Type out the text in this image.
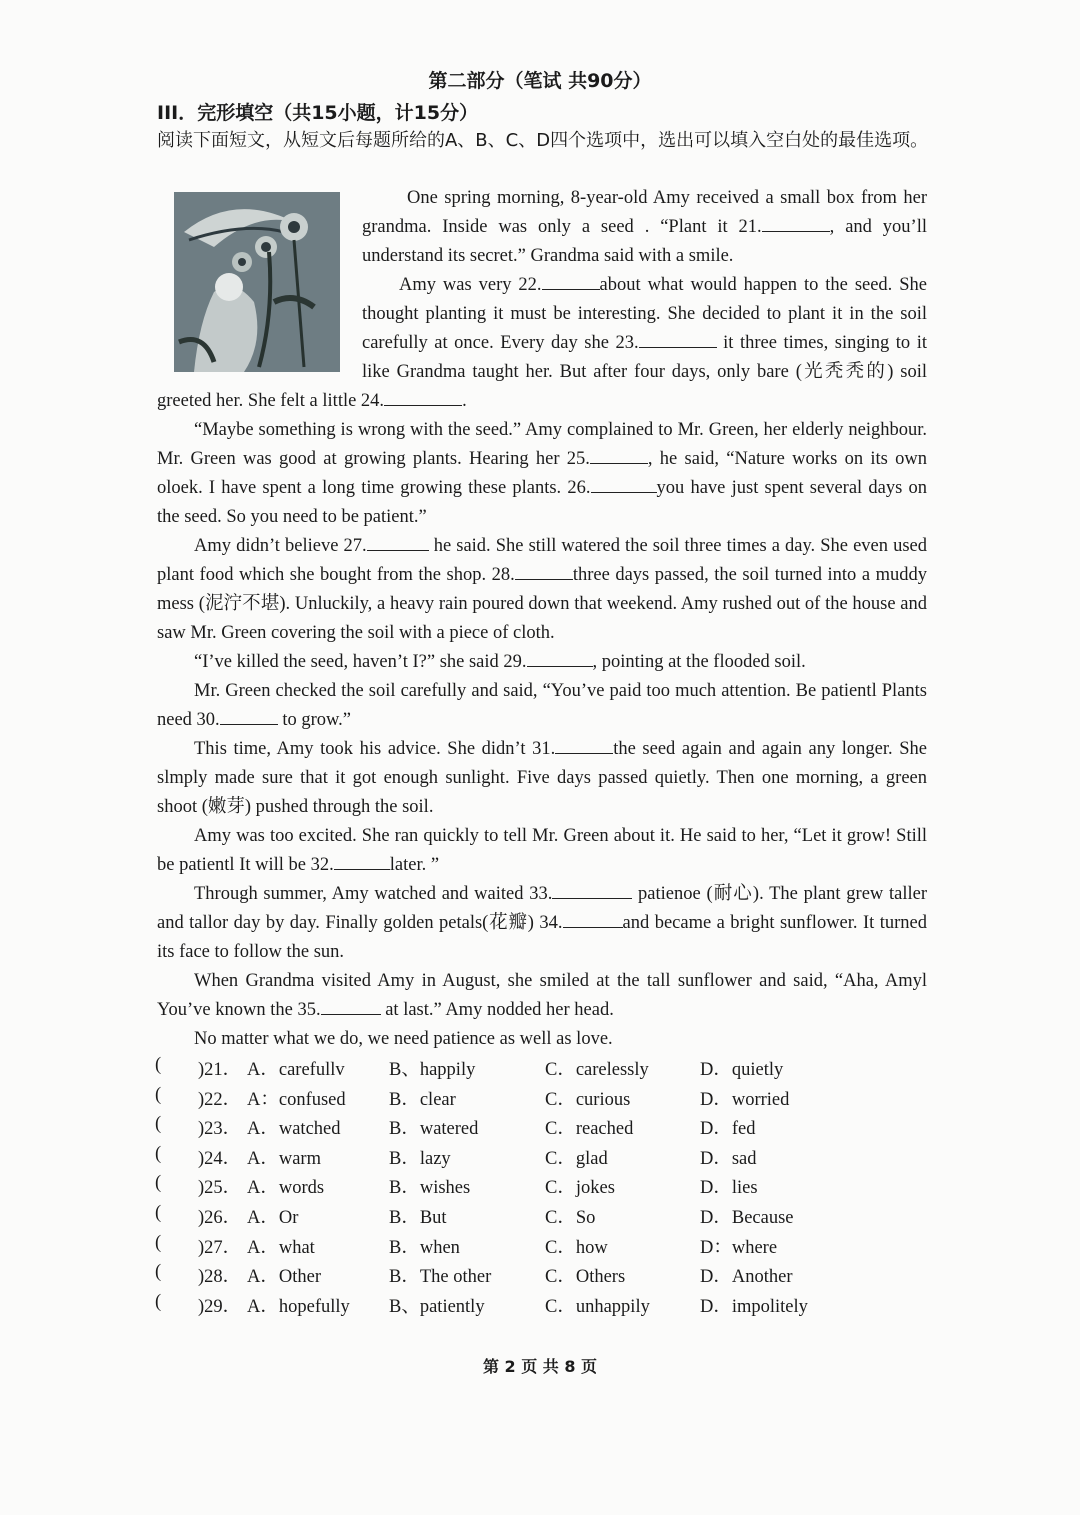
第二部分（笔试 共90分）
III．完形填空（共15小题，计15分）
阅读下面短文，从短文后每题所给的A、B、C、D四个选项中，选出可以填入空白处的最佳选项。

One spring morning, 8-year-old Amy received a small box from her grandma. Inside was only a seed . “Plant it 21.	, and you’ll understand its secret.” Grandma said with a smile.

Amy was very 22.	about what would happen to the seed. She thought planting it must be interesting. She decided to plant it in the soil carefully at once. Every day she 23.	it three times, singing to it like Grandma taught her. But after four days, only bare (光秃秃的) soil greeted her. She felt a little 24.	.

“Maybe something is wrong with the seed.” Amy complained to Mr. Green, her elderly neighbour. Mr. Green was good at growing plants. Hearing her 25.	, he said, “Nature works on its own oloek. I have spent a long time growing these plants. 26.	you have just spent several days on the seed. So you need to be patient.”

Amy didn’t believe 27.	he said. She still watered the soil three times a day. She even used plant food which she bought from the shop. 28.	three days passed, the soil turned into a muddy mess (泥泞不堪). Unluckily, a heavy rain poured down that weekend. Amy rushed out of the house and saw Mr. Green covering the soil with a piece of cloth.

“I’ve killed the seed, haven’t I?” she said 29.	, pointing at the flooded soil.

Mr. Green checked the soil carefully and said, “You’ve paid too much attention. Be patientl Plants need 30.	to grow.”

This time, Amy took his advice. She didn’t 31.	the seed again and again any longer. She slmply made sure that it got enough sunlight. Five days passed quietly. Then one morning, a green shoot (嫩芽) pushed through the soil.

Amy was too excited. She ran quickly to tell Mr. Green about it. He said to her, “Let it grow! Still be patientl It will be 32.	later. ”

Through summer, Amy watched and waited 33.	patienoe (耐心). The plant grew taller and tallor day by day. Finally golden petals(花瓣) 34.	and became a bright sunflower. It turned its face to follow the sun.

When Grandma visited Amy in August, she smiled at the tall sunflower and said, “Aha, Amyl You’ve known the 35.	at last.” Amy nodded her head.

No matter what we do, we need patience as well as love.

( )21． A．carefullv B、happily	C．carelessly	D．quietly
( )22． A：confused B．clear	C．curious	D．worried
( )23． A．watched	B．watered	C．reached	D．fed
( )24． A．warm	B．lazy	C．glad	D．sad
( )25． A．words	B．wishes	C．jokes	D．lies
( )26． A．Or	B．But	C．So	D．Because
( )27． A．what	B．when	C．how	D：where
( )28． A．Other	B．The other	C．Others	D．Another
( )29． A．hopefully B、patiently	C．unhappily	D．impolitely
第 2 页 共 8 页
